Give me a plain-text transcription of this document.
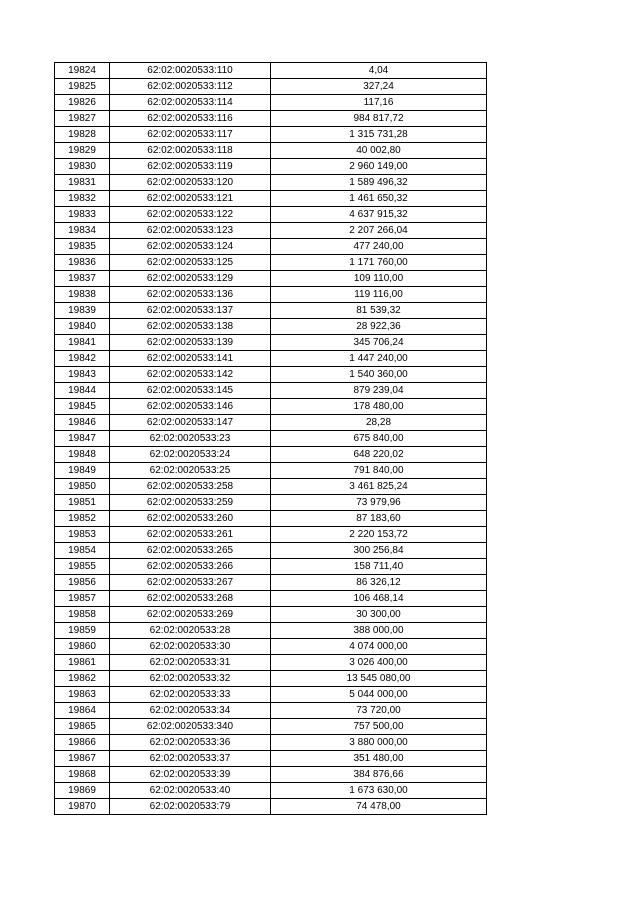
19824	62:02:0020533:110	4,04
19825	62:02:0020533:112	327,24
19826	62:02:0020533:114	117,16
19827	62:02:0020533:116	984 817,72
19828	62:02:0020533:117	1 315 731,28
19829	62:02:0020533:118	40 002,80
19830	62:02:0020533:119	2 960 149,00
19831	62:02:0020533:120	1 589 496,32
19832	62:02:0020533:121	1 461 650,32
19833	62:02:0020533:122	4 637 915,32
19834	62:02:0020533:123	2 207 266,04
19835	62:02:0020533:124	477 240,00
19836	62:02:0020533:125	1 171 760,00
19837	62:02:0020533:129	109 110,00
19838	62:02:0020533:136	119 116,00
19839	62:02:0020533:137	81 539,32
19840	62:02:0020533:138	28 922,36
19841	62:02:0020533:139	345 706,24
19842	62:02:0020533:141	1 447 240,00
19843	62:02:0020533:142	1 540 360,00
19844	62:02:0020533:145	879 239,04
19845	62:02:0020533:146	178 480,00
19846	62:02:0020533:147	28,28
19847	62:02:0020533:23	675 840,00
19848	62:02:0020533:24	648 220,02
19849	62:02:0020533:25	791 840,00
19850	62:02:0020533:258	3 461 825,24
19851	62:02:0020533:259	73 979,96
19852	62:02:0020533:260	87 183,60
19853	62:02:0020533:261	2 220 153,72
19854	62:02:0020533:265	300 256,84
19855	62:02:0020533:266	158 711,40
19856	62:02:0020533:267	86 326,12
19857	62:02:0020533:268	106 468,14
19858	62:02:0020533:269	30 300,00
19859	62:02:0020533:28	388 000,00
19860	62:02:0020533:30	4 074 000,00
19861	62:02:0020533:31	3 026 400,00
19862	62:02:0020533:32	13 545 080,00
19863	62:02:0020533:33	5 044 000,00
19864	62:02:0020533:34	73 720,00
19865	62:02:0020533:340	757 500,00
19866	62:02:0020533:36	3 880 000,00
19867	62:02:0020533:37	351 480,00
19868	62:02:0020533:39	384 876,66
19869	62:02:0020533:40	1 673 630,00
19870	62:02:0020533:79	74 478,00
